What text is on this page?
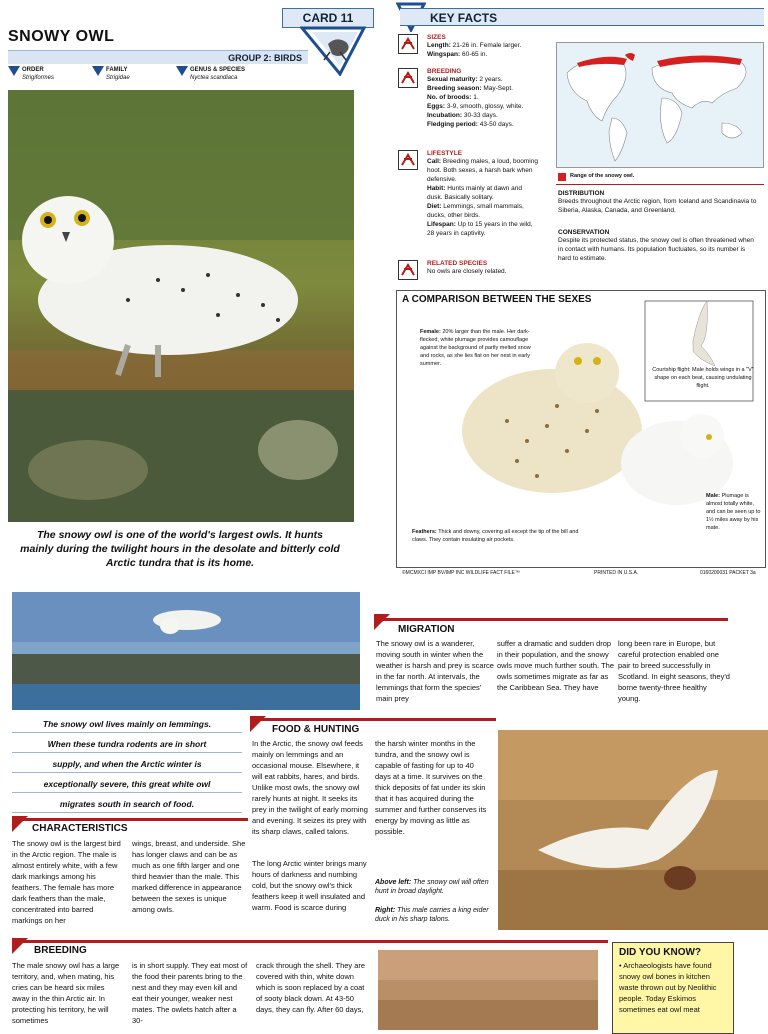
CARD 11
SNOWY OWL
GROUP 2: BIRDS
ORDER
Strigiformes
FAMILY
Strigidae
GENUS & SPECIES
Nyctea scandiaca
The snowy owl is one of the world's largest owls. It hunts mainly during the twilight hours in the desolate and bitterly cold Arctic tundra that is its home.
KEY FACTS
SIZES
Length: 21-26 in. Female larger.
Wingspan: 60-65 in.
BREEDING
Sexual maturity: 2 years.
Breeding season: May-Sept.
No. of broods: 1.
Eggs: 3-9, smooth, glossy, white.
Incubation: 30-33 days.
Fledging period: 43-50 days.
LIFESTYLE
Call: Breeding males, a loud, booming hoot. Both sexes, a harsh bark when defensive.
Habit: Hunts mainly at dawn and dusk. Basically solitary.
Diet: Lemmings, small mammals, ducks, other birds.
Lifespan: Up to 15 years in the wild, 28 years in captivity.
RELATED SPECIES
No owls are closely related.
Range of the snowy owl.
DISTRIBUTION
Breeds throughout the Arctic region, from Iceland and Scandinavia to Siberia, Alaska, Canada, and Greenland.
CONSERVATION
Despite its protected status, the snowy owl is often threatened when in contact with humans. Its population fluctuates, so its number is hard to estimate.
A COMPARISON BETWEEN THE SEXES
Female: 20% larger than the male. Her dark-flecked, white plumage provides camouflage against the background of partly melted snow and rocks, as she lies flat on her nest in early summer.
Courtship flight: Male holds wings in a "V" shape on each beat, causing undulating flight.
Male: Plumage is almost totally white, and can be seen up to 1½ miles away by his mate.
Feathers: Thick and downy, covering all except the tip of the bill and claws. They contain insulating air pockets.
©MCMXCI IMP BV/IMP INC WILDLIFE FACT FILE™	PRINTED IN U.S.A.	0160200031 PACKET 3a
The snowy owl lives mainly on lemmings.
When these tundra rodents are in short
supply, and when the Arctic winter is
exceptionally severe, this great white owl
migrates south in search of food.
MIGRATION
The snowy owl is a wanderer, moving south in winter when the weather is harsh and prey is scarce in the far north. At intervals, the lemmings that form the species' main prey
suffer a dramatic and sudden drop in their population, and the snowy owls move much further south. The owls sometimes migrate as far as the Caribbean Sea. They have
long been rare in Europe, but careful protection enabled one pair to breed successfully in Scotland. In eight seasons, they'd borne twenty-three healthy young.
FOOD & HUNTING
In the Arctic, the snowy owl feeds mainly on lemmings and an occasional mouse. Elsewhere, it will eat rabbits, hares, and birds. Unlike most owls, the snowy owl rarely hunts at night. It seeks its prey in the twilight of early morning and evening. It seizes its prey with its sharp claws, called talons.
The long Arctic winter brings many hours of darkness and numbing cold, but the snowy owl's thick feathers keep it well insulated and warm. Food is scarce during
the harsh winter months in the tundra, and the snowy owl is capable of fasting for up to 40 days at a time. It survives on the thick deposits of fat under its skin that it has acquired during the summer and further conserves its energy by moving as little as possible.
Above left: The snowy owl will often hunt in broad daylight.
Right: This male carries a king eider duck in his sharp talons.
CHARACTERISTICS
The snowy owl is the largest bird in the Arctic region. The male is almost entirely white, with a few dark markings among his feathers. The female has more dark feathers than the male, concentrated into barred markings on her
wings, breast, and underside. She has longer claws and can be as much as one fifth larger and one third heavier than the male. This marked difference in appearance between the sexes is unique among owls.
BREEDING
The male snowy owl has a large territory, and, when mating, his cries can be heard six miles away in the thin Arctic air. In protecting his territory, he will sometimes
is in short supply. They eat most of the food their parents bring to the nest and they may even kill and eat their younger, weaker nest mates. The owlets hatch after a 30-
crack through the shell. They are covered with thin, white down which is soon replaced by a coat of sooty black down. At 43-50 days, they can fly. After 60 days,
DID YOU KNOW?
• Archaeologists have found snowy owl bones in kitchen waste thrown out by Neolithic people. Today Eskimos sometimes eat owl meat
